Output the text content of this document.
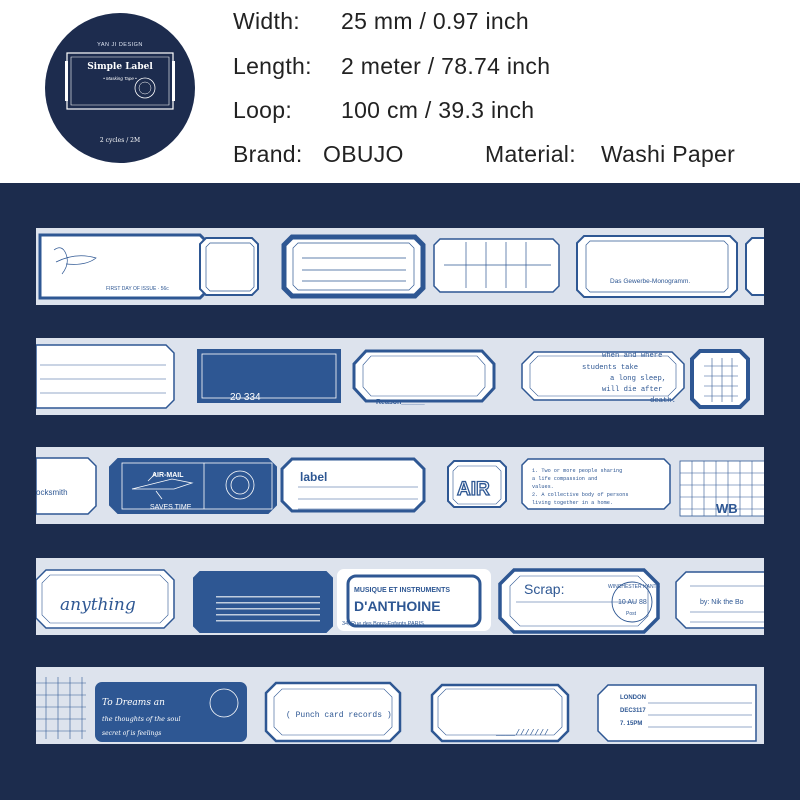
YAN JI DESIGN
Simple Label
• Masking Tape •
2 cycles / 2M
Width: 25 mm / 0.97 inch
Length: 2 meter / 78.74 inch
Loop: 100 cm / 39.3 inch
Brand: OBUJO	Material: Washi Paper
FIRST DAY OF ISSUE · 56c
Das Gewerbe-Monogramm.
20 334	Reason______
when and where
students take
a long sleep,
will die after
death.
ocksmith
AIR-MAIL
SAVES TIME
label
AIR
1. Two or more people sharing
a life compassion and
values.
2. A collective body of persons
living together in a home.	WB
anything
MUSIQUE ET INSTRUMENTS
D'ANTHOINE
34, Rue des Bons-Enfants PARIS.
Scrap:	WINCHESTER HANTS
10 AU 88
Post
by: Nik the Bo
To Dreams an
the thoughts of the soul
secret of is feelings
( Punch card records )
____///////
LONDON
DEC3117
7. 15PM
